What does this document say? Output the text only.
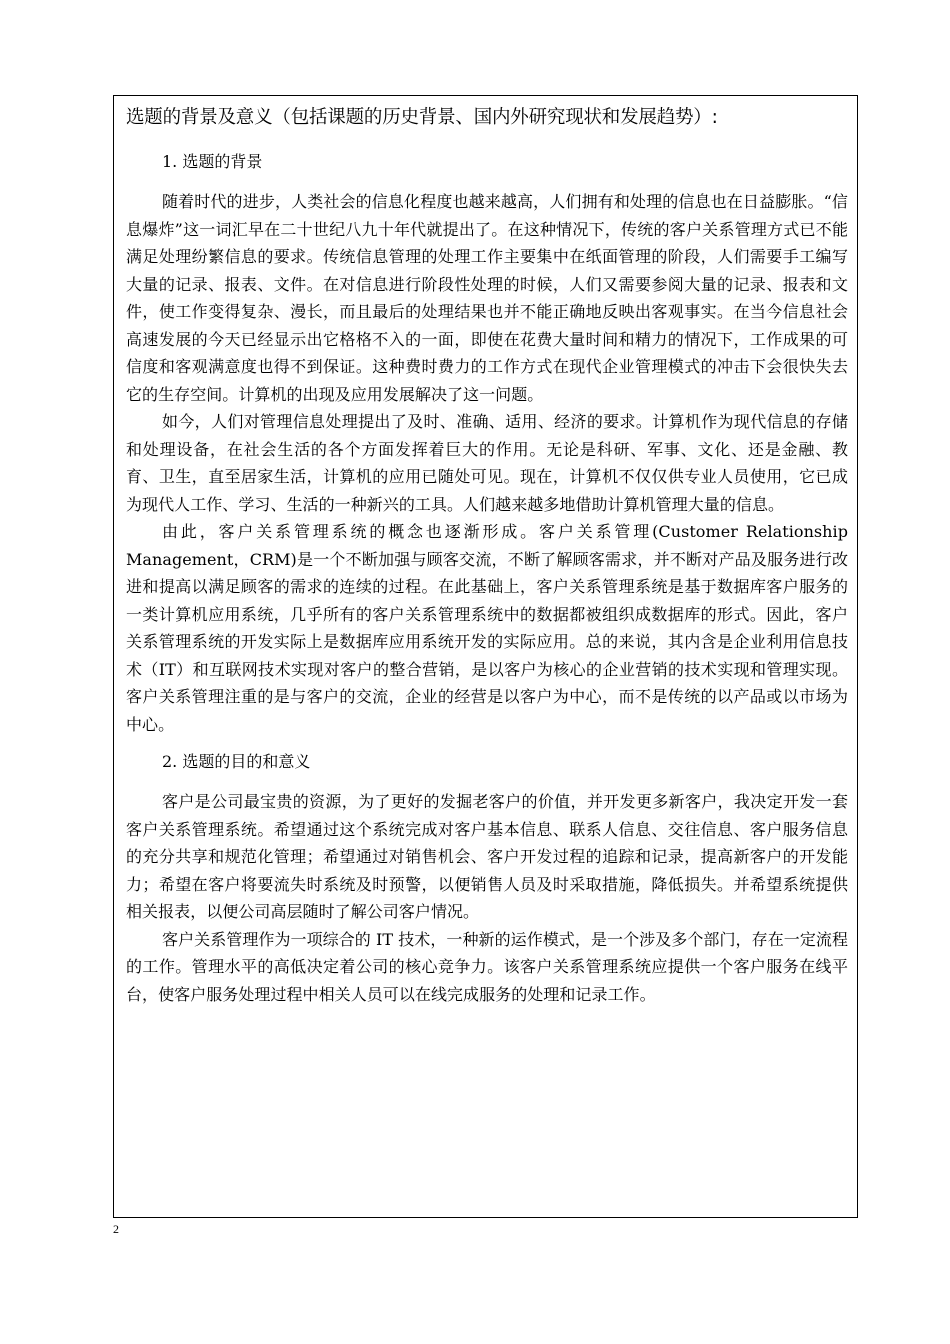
选题的背景及意义（包括课题的历史背景、国内外研究现状和发展趋势）:

1. 选题的背景

随着时代的进步，人类社会的信息化程度也越来越高，人们拥有和处理的信息也在日益膨胀。“信息爆炸”这一词汇早在二十世纪八九十年代就提出了。在这种情况下，传统的客户关系管理方式已不能满足处理纷繁信息的要求。传统信息管理的处理工作主要集中在纸面管理的阶段，人们需要手工编写大量的记录、报表、文件。在对信息进行阶段性处理的时候，人们又需要参阅大量的记录、报表和文件，使工作变得复杂、漫长，而且最后的处理结果也并不能正确地反映出客观事实。在当今信息社会高速发展的今天已经显示出它格格不入的一面，即使在花费大量时间和精力的情况下，工作成果的可信度和客观满意度也得不到保证。这种费时费力的工作方式在现代企业管理模式的冲击下会很快失去它的生存空间。计算机的出现及应用发展解决了这一问题。

如今，人们对管理信息处理提出了及时、准确、适用、经济的要求。计算机作为现代信息的存储和处理设备，在社会生活的各个方面发挥着巨大的作用。无论是科研、军事、文化、还是金融、教育、卫生，直至居家生活，计算机的应用已随处可见。现在，计算机不仅仅供专业人员使用，它已成为现代人工作、学习、生活的一种新兴的工具。人们越来越多地借助计算机管理大量的信息。

由此，客户关系管理系统的概念也逐渐形成。客户关系管理(Customer Relationship Management，CRM)是一个不断加强与顾客交流，不断了解顾客需求，并不断对产品及服务进行改进和提高以满足顾客的需求的连续的过程。在此基础上，客户关系管理系统是基于数据库客户服务的一类计算机应用系统，几乎所有的客户关系管理系统中的数据都被组织成数据库的形式。因此，客户关系管理系统的开发实际上是数据库应用系统开发的实际应用。总的来说，其内含是企业利用信息技术（IT）和互联网技术实现对客户的整合营销，是以客户为核心的企业营销的技术实现和管理实现。客户关系管理注重的是与客户的交流，企业的经营是以客户为中心，而不是传统的以产品或以市场为中心。

2. 选题的目的和意义

客户是公司最宝贵的资源，为了更好的发掘老客户的价值，并开发更多新客户，我决定开发一套客户关系管理系统。希望通过这个系统完成对客户基本信息、联系人信息、交往信息、客户服务信息的充分共享和规范化管理；希望通过对销售机会、客户开发过程的追踪和记录，提高新客户的开发能力；希望在客户将要流失时系统及时预警，以便销售人员及时采取措施，降低损失。并希望系统提供相关报表，以便公司高层随时了解公司客户情况。

客户关系管理作为一项综合的 IT 技术，一种新的运作模式，是一个涉及多个部门，存在一定流程的工作。管理水平的高低决定着公司的核心竞争力。该客户关系管理系统应提供一个客户服务在线平台，使客户服务处理过程中相关人员可以在线完成服务的处理和记录工作。

2
